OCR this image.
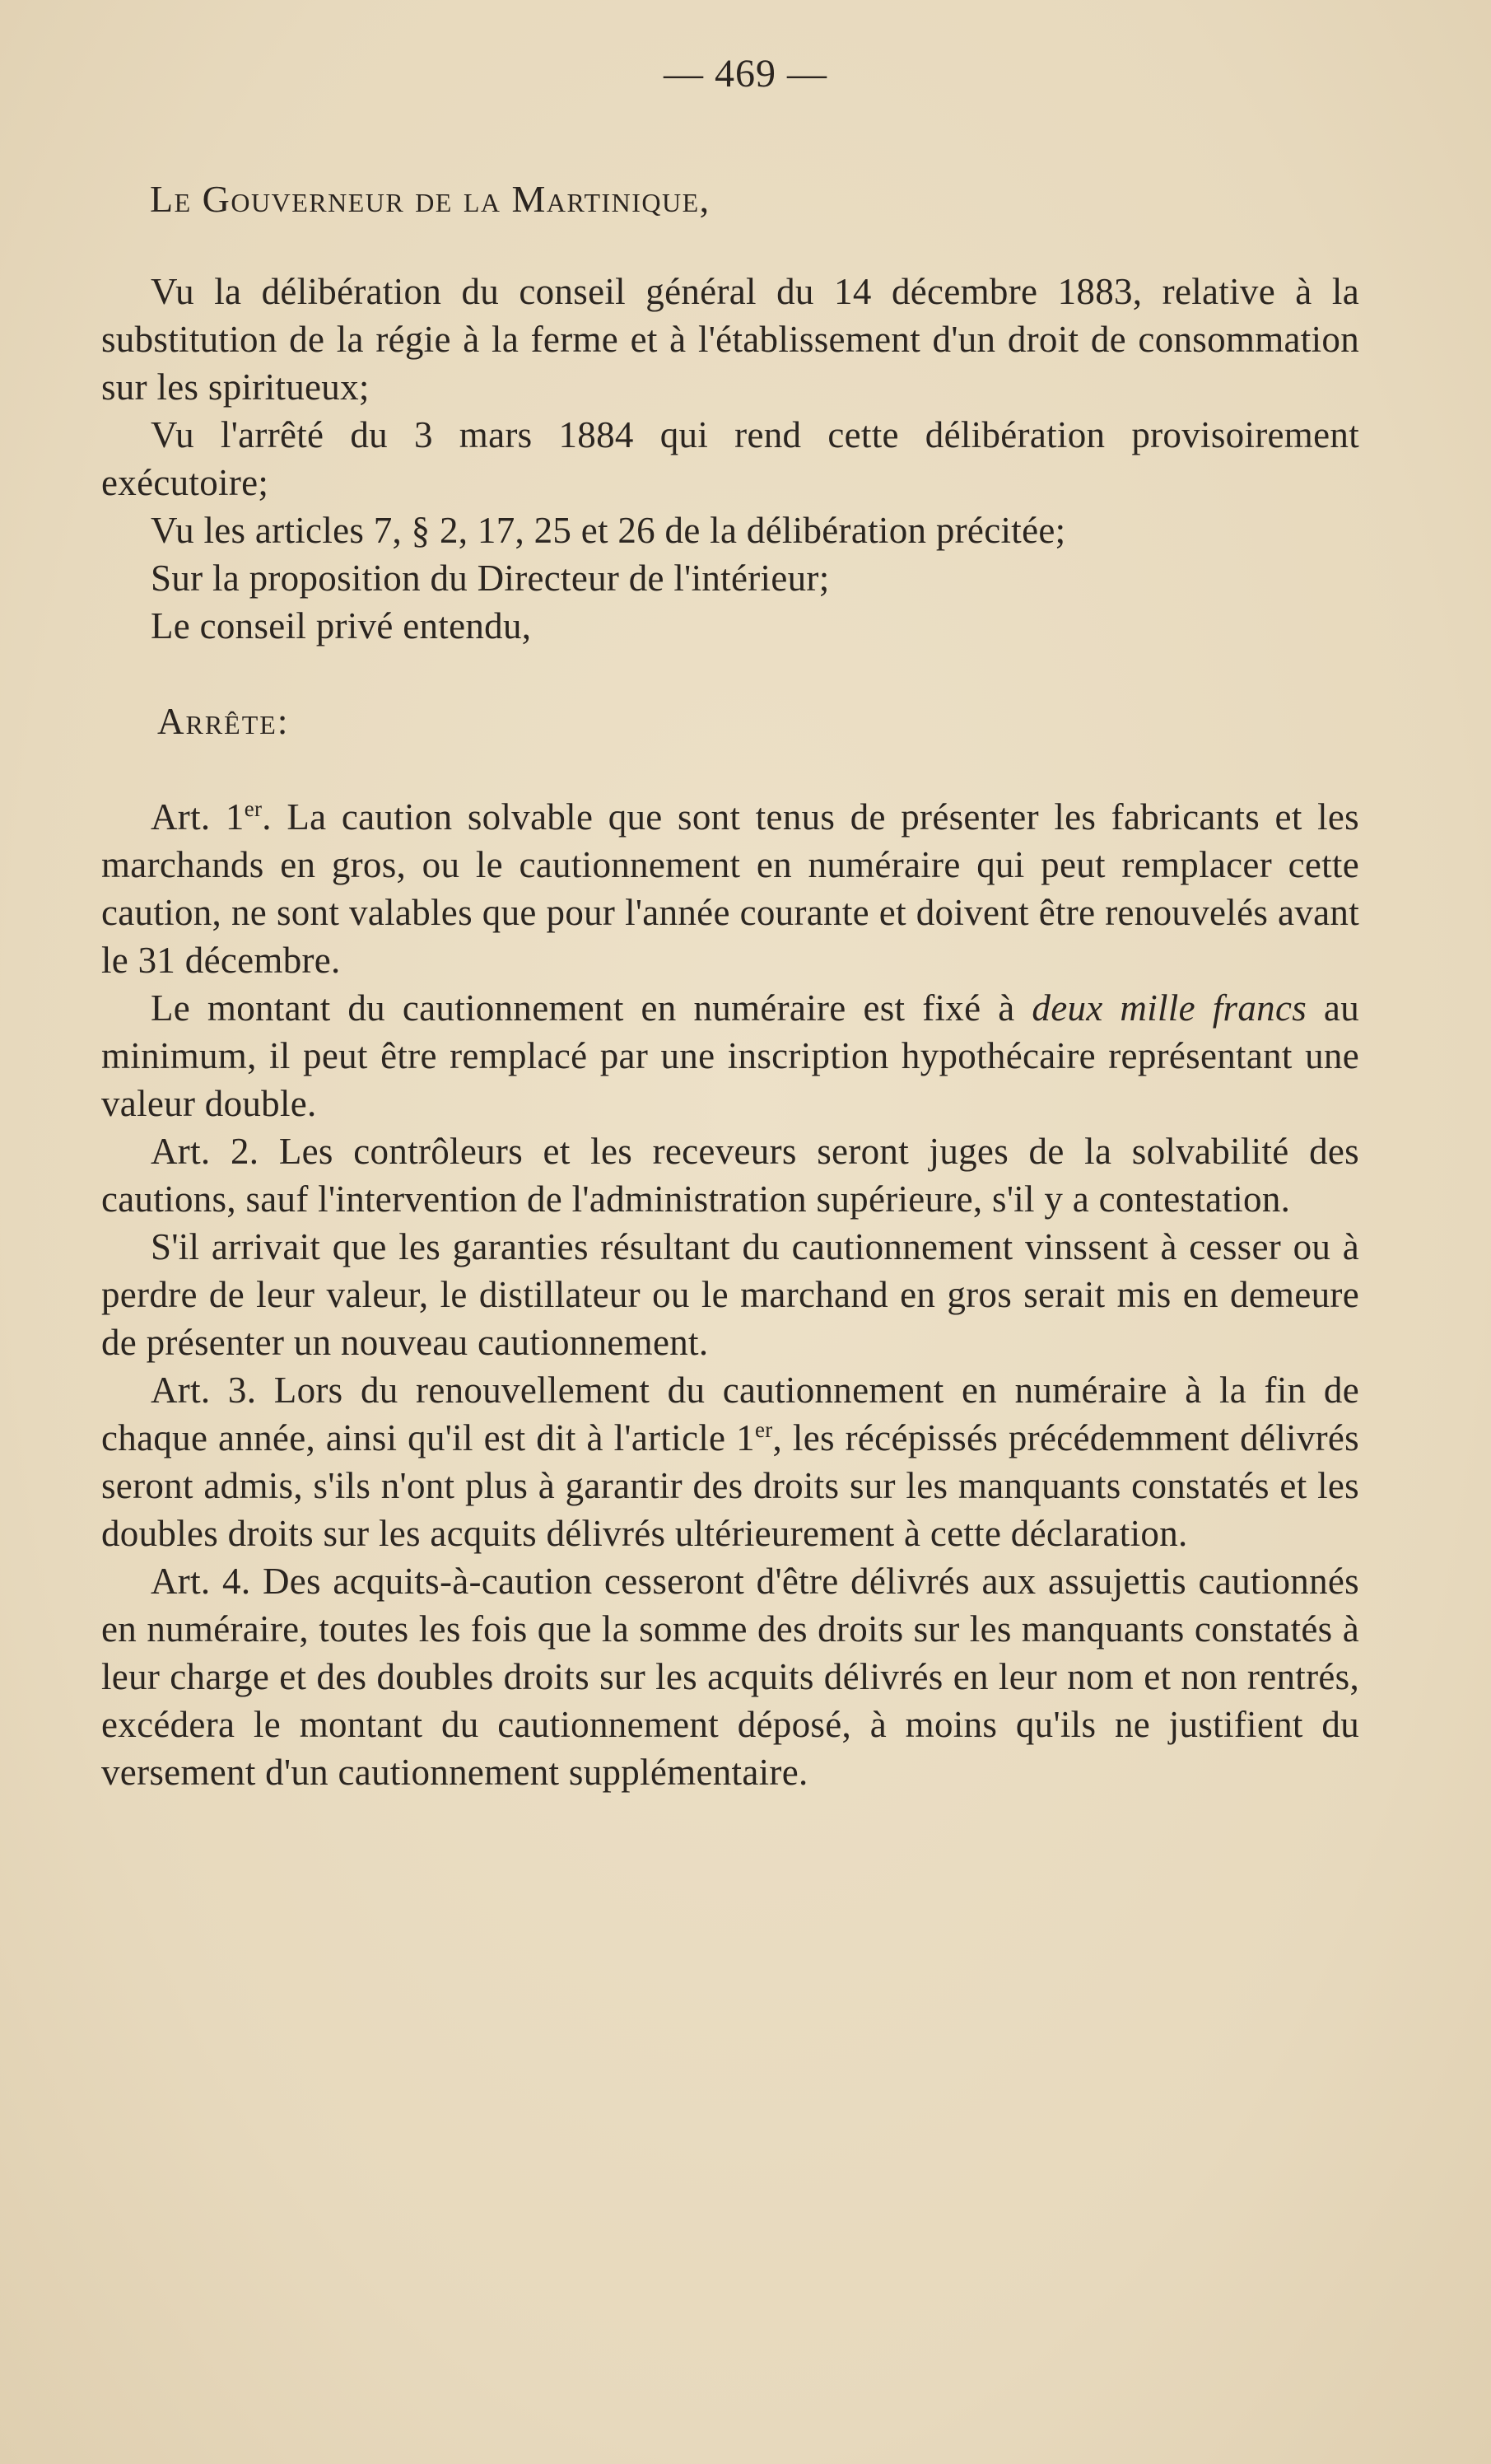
— 469 —
Le Gouverneur de la Martinique,

Vu la délibération du conseil général du 14 décembre 1883, relative à la substitution de la régie à la ferme et à l'établissement d'un droit de consommation sur les spiritueux;

Vu l'arrêté du 3 mars 1884 qui rend cette délibération provisoirement exécutoire;

Vu les articles 7, § 2, 17, 25 et 26 de la délibération précitée;

Sur la proposition du Directeur de l'intérieur;

Le conseil privé entendu,

Arrête:

Art. 1er. La caution solvable que sont tenus de présenter les fabricants et les marchands en gros, ou le cautionnement en numéraire qui peut remplacer cette caution, ne sont valables que pour l'année courante et doivent être renouvelés avant le 31 décembre.

Le montant du cautionnement en numéraire est fixé à deux mille francs au minimum, il peut être remplacé par une inscription hypothécaire représentant une valeur double.

Art. 2. Les contrôleurs et les receveurs seront juges de la solvabilité des cautions, sauf l'intervention de l'administration supérieure, s'il y a contestation.

S'il arrivait que les garanties résultant du cautionnement vinssent à cesser ou à perdre de leur valeur, le distillateur ou le marchand en gros serait mis en demeure de présenter un nouveau cautionnement.

Art. 3. Lors du renouvellement du cautionnement en numéraire à la fin de chaque année, ainsi qu'il est dit à l'article 1er, les récépissés précédemment délivrés seront admis, s'ils n'ont plus à garantir des droits sur les manquants constatés et les doubles droits sur les acquits délivrés ultérieurement à cette déclaration.

Art. 4. Des acquits-à-caution cesseront d'être délivrés aux assujettis cautionnés en numéraire, toutes les fois que la somme des droits sur les manquants constatés à leur charge et des doubles droits sur les acquits délivrés en leur nom et non rentrés, excédera le montant du cautionnement déposé, à moins qu'ils ne justifient du versement d'un cautionnement supplémentaire.
